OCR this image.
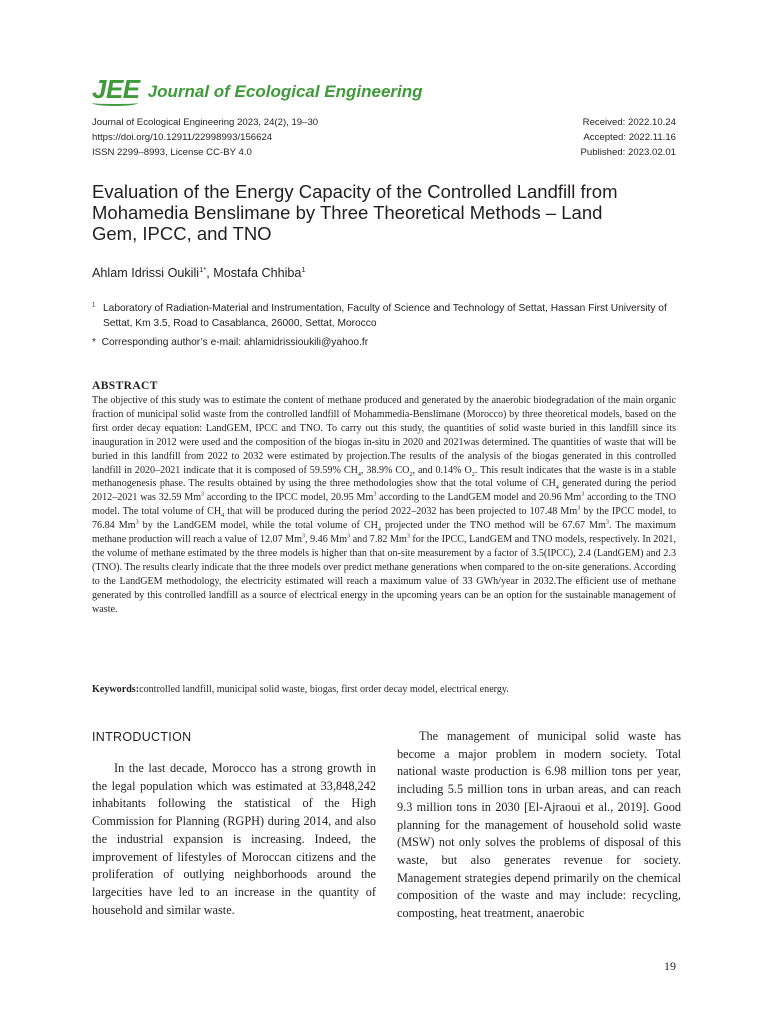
JEE Journal of Ecological Engineering
Journal of Ecological Engineering 2023, 24(2), 19–30
https://doi.org/10.12911/22998993/156624
ISSN 2299–8993, License CC-BY 4.0
Received: 2022.10.24
Accepted: 2022.11.16
Published: 2023.02.01
Evaluation of the Energy Capacity of the Controlled Landfill from Mohamedia Benslimane by Three Theoretical Methods – Land Gem, IPCC, and TNO
Ahlam Idrissi Oukili$^{1*}$, Mostafa Chhiba$^1$
$^1$ Laboratory of Radiation-Material and Instrumentation, Faculty of Science and Technology of Settat, Hassan First University of Settat, Km 3.5, Road to Casablanca, 26000, Settat, Morocco
* Corresponding author’s e-mail: ahlamidrissioukili@yahoo.fr
ABSTRACT
The objective of this study was to estimate the content of methane produced and generated by the anaerobic biodegradation of the main organic fraction of municipal solid waste from the controlled landfill of Mohammedia-Benslimane (Morocco) by three theoretical models, based on the first order decay equation: LandGEM, IPCC and TNO. To carry out this study, the quantities of solid waste buried in this landfill since its inauguration in 2012 were used and the composition of the biogas in-situ in 2020 and 2021was determined. The quantities of waste that will be buried in this landfill from 2022 to 2032 were estimated by projection.The results of the analysis of the biogas generated in this controlled landfill in 2020–2021 indicate that it is composed of 59.59% $CH_4$, 38.9% $CO_2$, and 0.14% $O_2$. This result indicates that the waste is in a stable methanogenesis phase. The results obtained by using the three methodologies show that the total volume of $CH_4$ generated during the period 2012–2021 was 32.59 Mm$^3$ according to the IPCC model, 20.95 Mm$^3$ according to the LandGEM model and 20.96 Mm$^3$ according to the TNO model. The total volume of $CH_4$ that will be produced during the period 2022–2032 has been projected to 107.48 Mm$^3$ by the IPCC model, to 76.84 Mm$^3$ by the LandGEM model, while the total volume of $CH_4$ projected under the TNO method will be 67.67 Mm$^3$. The maximum methane production will reach a value of 12.07 Mm$^3$, 9.46 Mm$^3$ and 7.82 Mm$^3$ for the IPCC, LandGEM and TNO models, respectively. In 2021, the volume of methane estimated by the three models is higher than that on-site measurement by a factor of 3.5(IPCC), 2.4 (LandGEM) and 2.3 (TNO). The results clearly indicate that the three models over predict methane generations when compared to the on-site generations. According to the LandGEM methodology, the electricity estimated will reach a maximum value of 33 GWh/year in 2032.The efficient use of methane generated by this controlled landfill as a source of electrical energy in the upcoming years can be an option for the sustainable management of waste.
Keywords:controlled landfill, municipal solid waste, biogas, first order decay model, electrical energy.
INTRODUCTION

In the last decade, Morocco has a strong growth in the legal population which was estimated at 33,848,242 inhabitants following the statistical of the High Commission for Planning (RGPH) during 2014, and also the industrial expansion is increasing. Indeed, the improvement of lifestyles of Moroccan citizens and the proliferation of outlying neighborhoods around the largecities have led to an increase in the quantity of household and similar waste.

The management of municipal solid waste has become a major problem in modern society. Total national waste production is 6.98 million tons per year, including 5.5 million tons in urban areas, and can reach 9.3 million tons in 2030 [El-Ajraoui et al., 2019]. Good planning for the management of household solid waste (MSW) not only solves the problems of disposal of this waste, but also generates revenue for society. Management strategies depend primarily on the chemical composition of the waste and may include: recycling, composting, heat treatment, anaerobic

19
